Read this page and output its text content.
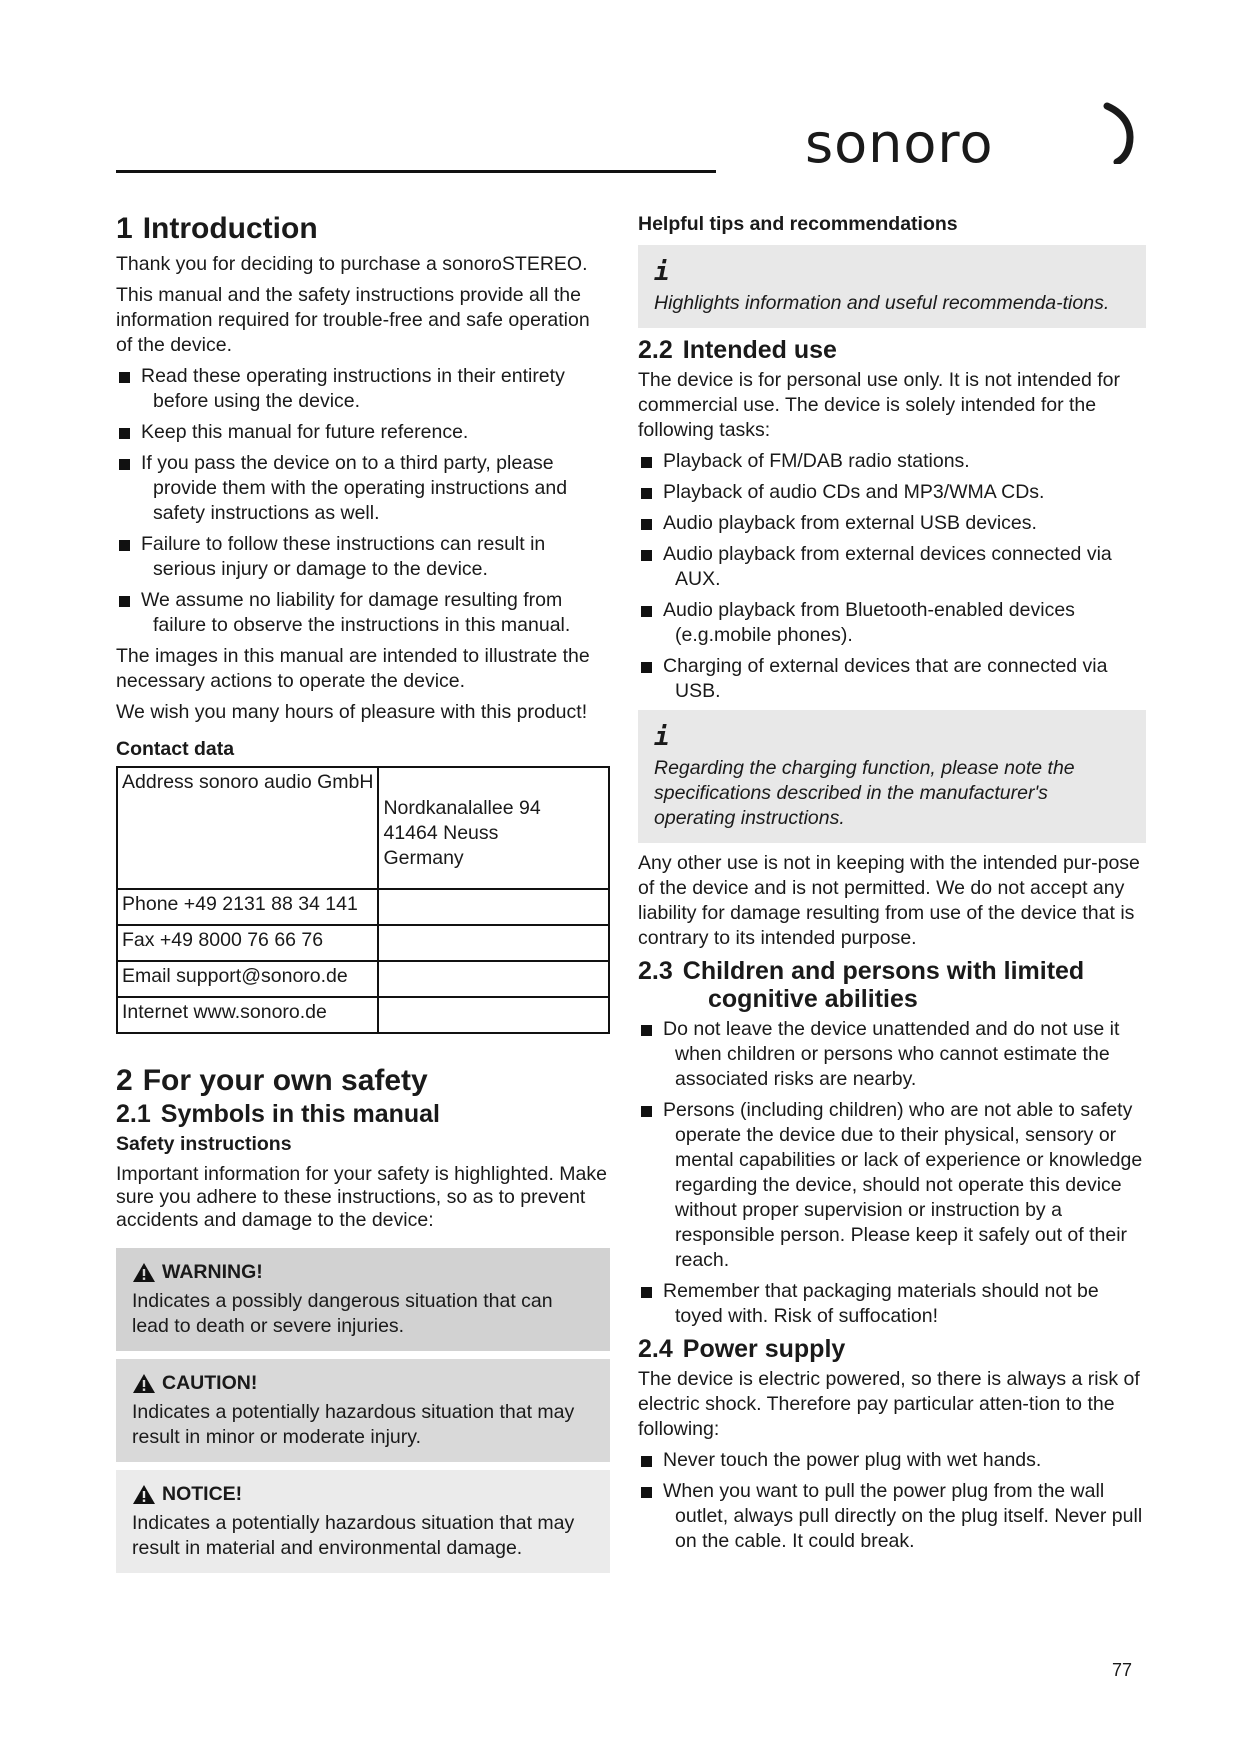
sonoro
1 Introduction

Thank you for deciding to purchase a sonoroSTEREO.

This manual and the safety instructions provide all the information required for trouble-free and safe operation of the device.

Read these operating instructions in their entirety before using the device.
Keep this manual for future reference.
If you pass the device on to a third party, please provide them with the operating instructions and safety instructions as well.
Failure to follow these instructions can result in serious injury or damage to the device.
We assume no liability for damage resulting from failure to observe the instructions in this manual.

The images in this manual are intended to illustrate the necessary actions to operate the device.

We wish you many hours of pleasure with this product!

Contact data
Address sonoro audio GmbH	Nordkanalallee 94
41464 Neuss
Germany

Phone +49 2131 88 34 141	
Fax +49 8000 76 66 76	
Email support@sonoro.de	
Internet www.sonoro.de	
2 For your own safety
2.1 Symbols in this manual
Safety instructions

Important information for your safety is highlighted. Make sure you adhere to these instructions, so as to prevent accidents and damage to the device:

WARNING!
Indicates a possibly dangerous situation that can lead to death or severe injuries.
CAUTION!
Indicates a potentially hazardous situation that may result in minor or moderate injury.
NOTICE!
Indicates a potentially hazardous situation that may result in material and environmental damage.
Helpful tips and recommendations
i
Highlights information and useful recommenda-tions.
2.2 Intended use

The device is for personal use only. It is not intended for commercial use. The device is solely intended for the following tasks:

Playback of FM/DAB radio stations.
Playback of audio CDs and MP3/WMA CDs.
Audio playback from external USB devices.
Audio playback from external devices connected via AUX.
Audio playback from Bluetooth-enabled devices (e.g.mobile phones).
Charging of external devices that are connected via USB.
i
Regarding the charging function, please note the specifications described in the manufacturer's operating instructions.

Any other use is not in keeping with the intended pur-pose of the device and is not permitted. We do not accept any liability for damage resulting from use of the device that is contrary to its intended purpose.

2.3 Children and persons with limited cognitive abilities
Do not leave the device unattended and do not use it when children or persons who cannot estimate the associated risks are nearby.
Persons (including children) who are not able to safety operate the device due to their physical, sensory or mental capabilities or lack of experience or knowledge regarding the device, should not operate this device without proper supervision or instruction by a responsible person. Please keep it safely out of their reach.
Remember that packaging materials should not be toyed with. Risk of suffocation!
2.4 Power supply

The device is electric powered, so there is always a risk of electric shock. Therefore pay particular atten-tion to the following:

Never touch the power plug with wet hands.
When you want to pull the power plug from the wall outlet, always pull directly on the plug itself. Never pull on the cable. It could break.
77
